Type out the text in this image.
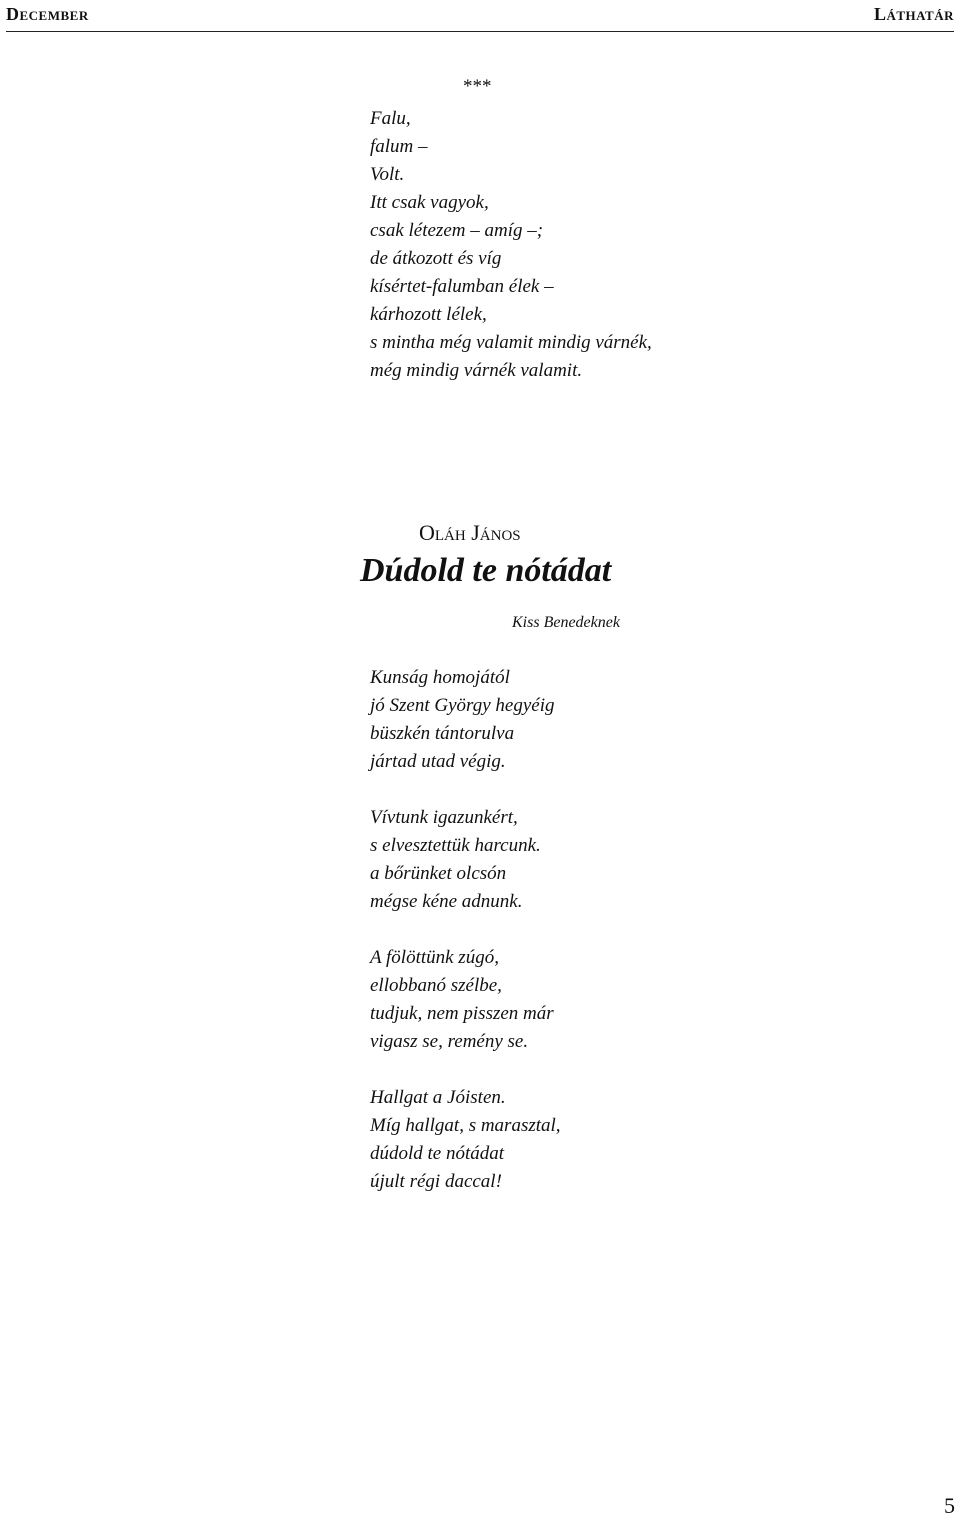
December	Láthatár
***
Falu,
falum –
Volt.
Itt csak vagyok,
csak létezem – amíg –;
de átkozott és víg
kísértet-falumban élek –
kárhozott lélek,
s mintha még valamit mindig várnék,
még mindig várnék valamit.
Oláh János
Dúdold te nótádat
Kiss Benedeknek
Kunság homojától
jó Szent György hegyéig
büszkén tántorulva
jártad utad végig.
Vívtunk igazunkért,
s elvesztettük harcunk.
a bőrünket olcsón
mégse kéne adnunk.
A fölöttünk zúgó,
ellobbanó szélbe,
tudjuk, nem pisszen már
vigasz se, remény se.
Hallgat a Jóisten.
Míg hallgat, s marasztal,
dúdold te nótádat
újult régi daccal!
5
